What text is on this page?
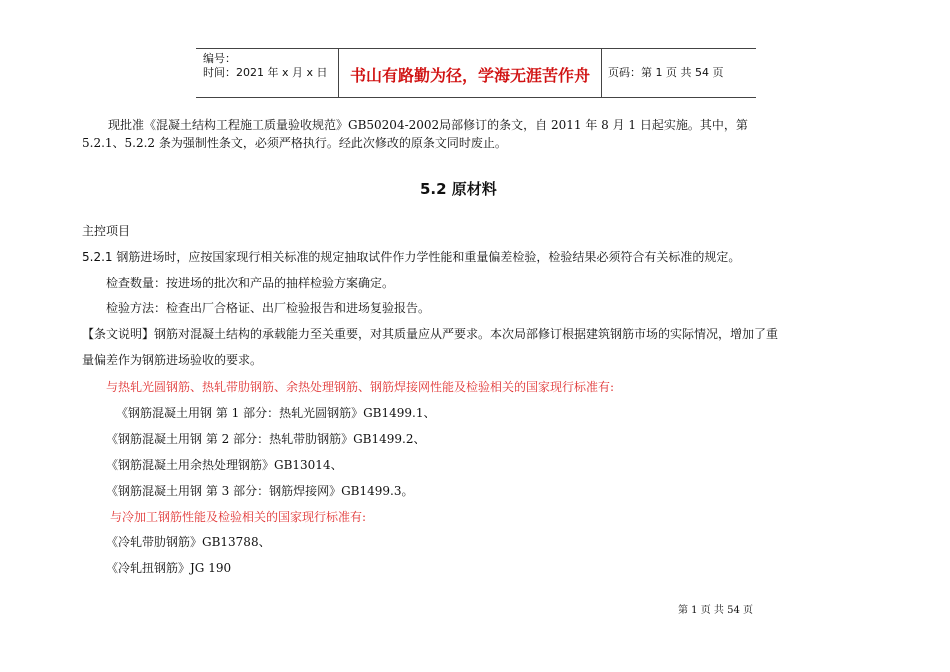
编号：
时间：2021 年 x 月 x 日	书山有路勤为径，学海无涯苦作舟	页码：第 1 页 共 54 页
现批准《混凝土结构工程施工质量验收规范》GB50204-2002局部修订的条文，自 2011 年 8 月 1 日起实施。其中，第
5.2.1、5.2.2 条为强制性条文，必须严格执行。经此次修改的原条文同时废止。
5.2 原材料
主控项目
5.2.1 钢筋进场时，应按国家现行相关标准的规定抽取试件作力学性能和重量偏差检验，检验结果必须符合有关标准的规定。
检查数量：按进场的批次和产品的抽样检验方案确定。
检验方法：检查出厂合格证、出厂检验报告和进场复验报告。
【条文说明】钢筋对混凝土结构的承载能力至关重要，对其质量应从严要求。本次局部修订根据建筑钢筋市场的实际情况，增加了重
量偏差作为钢筋进场验收的要求。
与热轧光圆钢筋、热轧带肋钢筋、余热处理钢筋、钢筋焊接网性能及检验相关的国家现行标准有:
《钢筋混凝土用钢 第 1 部分：热轧光圆钢筋》GB1499.1、
《钢筋混凝土用钢 第 2 部分：热轧带肋钢筋》GB1499.2、
《钢筋混凝土用余热处理钢筋》GB13014、
《钢筋混凝土用钢 第 3 部分：钢筋焊接网》GB1499.3。
与冷加工钢筋性能及检验相关的国家现行标准有:
《冷轧带肋钢筋》GB13788、
《冷轧扭钢筋》JG 190
第 1 页 共 54 页
